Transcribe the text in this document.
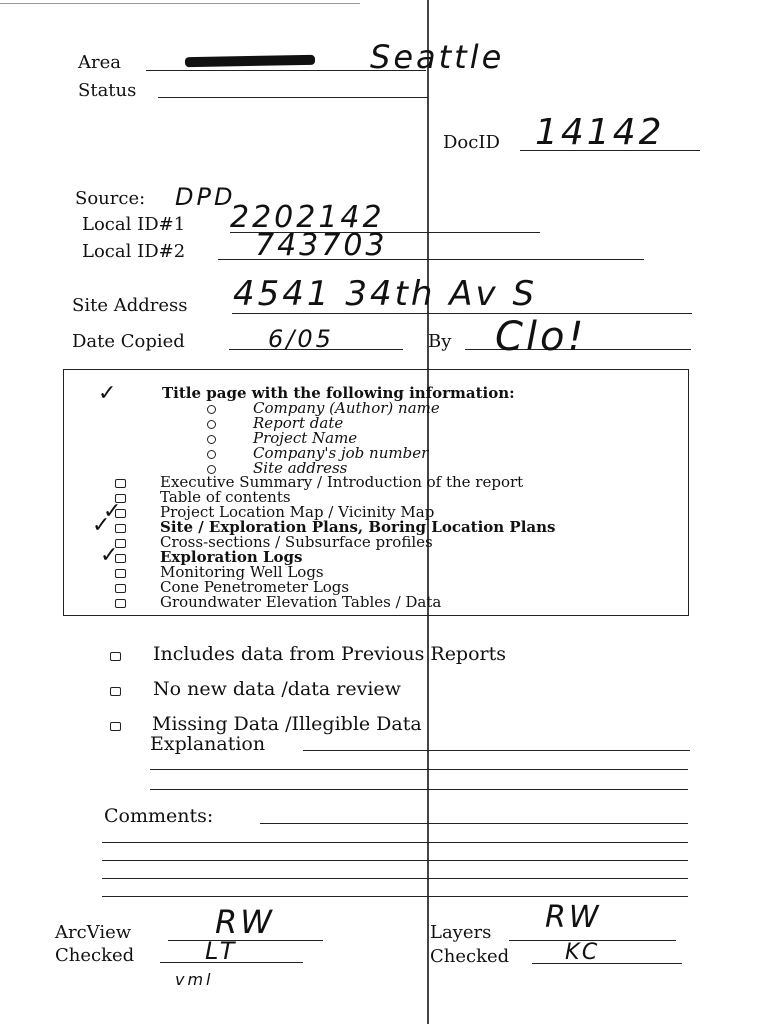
Area	Seattle
Status
DocID 14142
Source: DPD
Local ID#1 2202142
Local ID#2 743703
Site Address 4541 34th Av S
Date Copied	6/05	By Clo!
✓	Title page with the following information:
Company (Author) name
Report date
Project Name
Company's job number
Site address
Executive Summary / Introduction of the report
Table of contents
✓	Project Location Map / Vicinity Map
✓	Site / Exploration Plans, Boring Location Plans
Cross-sections / Subsurface profiles
✓	Exploration Logs
Monitoring Well Logs
Cone Penetrometer Logs
Groundwater Elevation Tables / Data
Includes data from Previous Reports
No new data /data review
Missing Data /Illegible Data
Explanation
Comments:
ArcView	RW
Checked	LT
vml
Layers RW
Checked	KC
